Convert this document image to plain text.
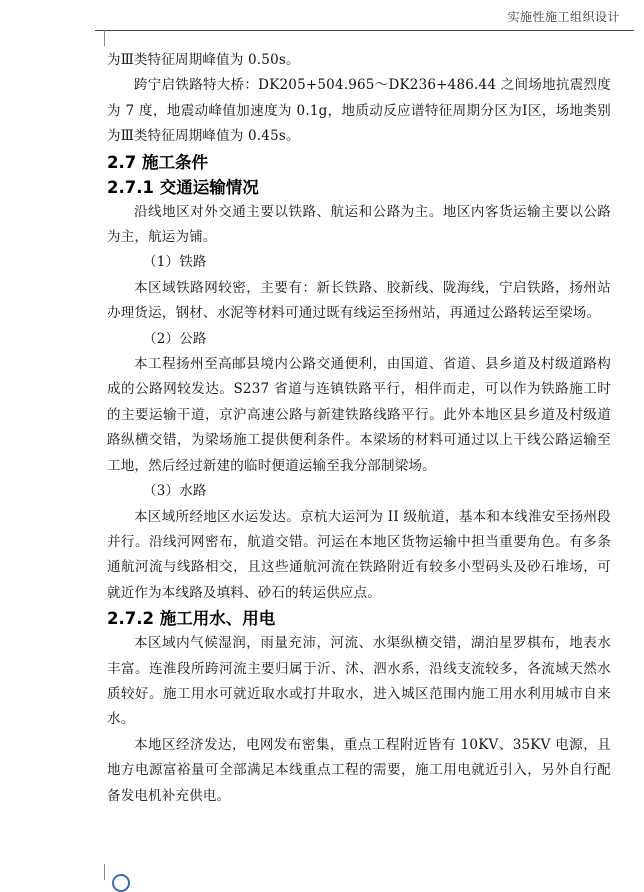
实施性施工组织设计

为Ⅲ类特征周期峰值为 0.50s。

跨宁启铁路特大桥：DK205+504.965～DK236+486.44 之间场地抗震烈度为 7 度，地震动峰值加速度为 0.1g，地质动反应谱特征周期分区为Ⅰ区，场地类别为Ⅲ类特征周期峰值为 0.45s。

2.7 施工条件
2.7.1 交通运输情况

沿线地区对外交通主要以铁路、航运和公路为主。地区内客货运输主要以公路为主，航运为铺。

（1）铁路

本区域铁路网较密，主要有：新长铁路、胶新线、陇海线，宁启铁路，扬州站办理货运，钢材、水泥等材料可通过既有线运至扬州站，再通过公路转运至梁场。

（2）公路

本工程扬州至高邮县境内公路交通便利，由国道、省道、县乡道及村级道路构成的公路网较发达。S237 省道与连镇铁路平行，相伴而走，可以作为铁路施工时的主要运输干道，京沪高速公路与新建铁路线路平行。此外本地区县乡道及村级道路纵横交错，为梁场施工提供便利条件。本梁场的材料可通过以上干线公路运输至工地，然后经过新建的临时便道运输至我分部制梁场。

（3）水路

本区域所经地区水运发达。京杭大运河为 II 级航道，基本和本线淮安至扬州段并行。沿线河网密布，航道交错。河运在本地区货物运输中担当重要角色。有多条通航河流与线路相交，且这些通航河流在铁路附近有较多小型码头及砂石堆场，可就近作为本线路及填料、砂石的转运供应点。

2.7.2 施工用水、用电

本区域内气候湿润，雨量充沛，河流、水渠纵横交错，湖泊星罗棋布，地表水丰富。连淮段所跨河流主要归属于沂、沭、泗水系，沿线支流较多，各流域天然水质较好。施工用水可就近取水或打井取水，进入城区范围内施工用水利用城市自来水。

本地区经济发达，电网发布密集，重点工程附近皆有 10KV、35KV 电源，且地方电源富裕量可全部满足本线重点工程的需要，施工用电就近引入，另外自行配备发电机补充供电。
